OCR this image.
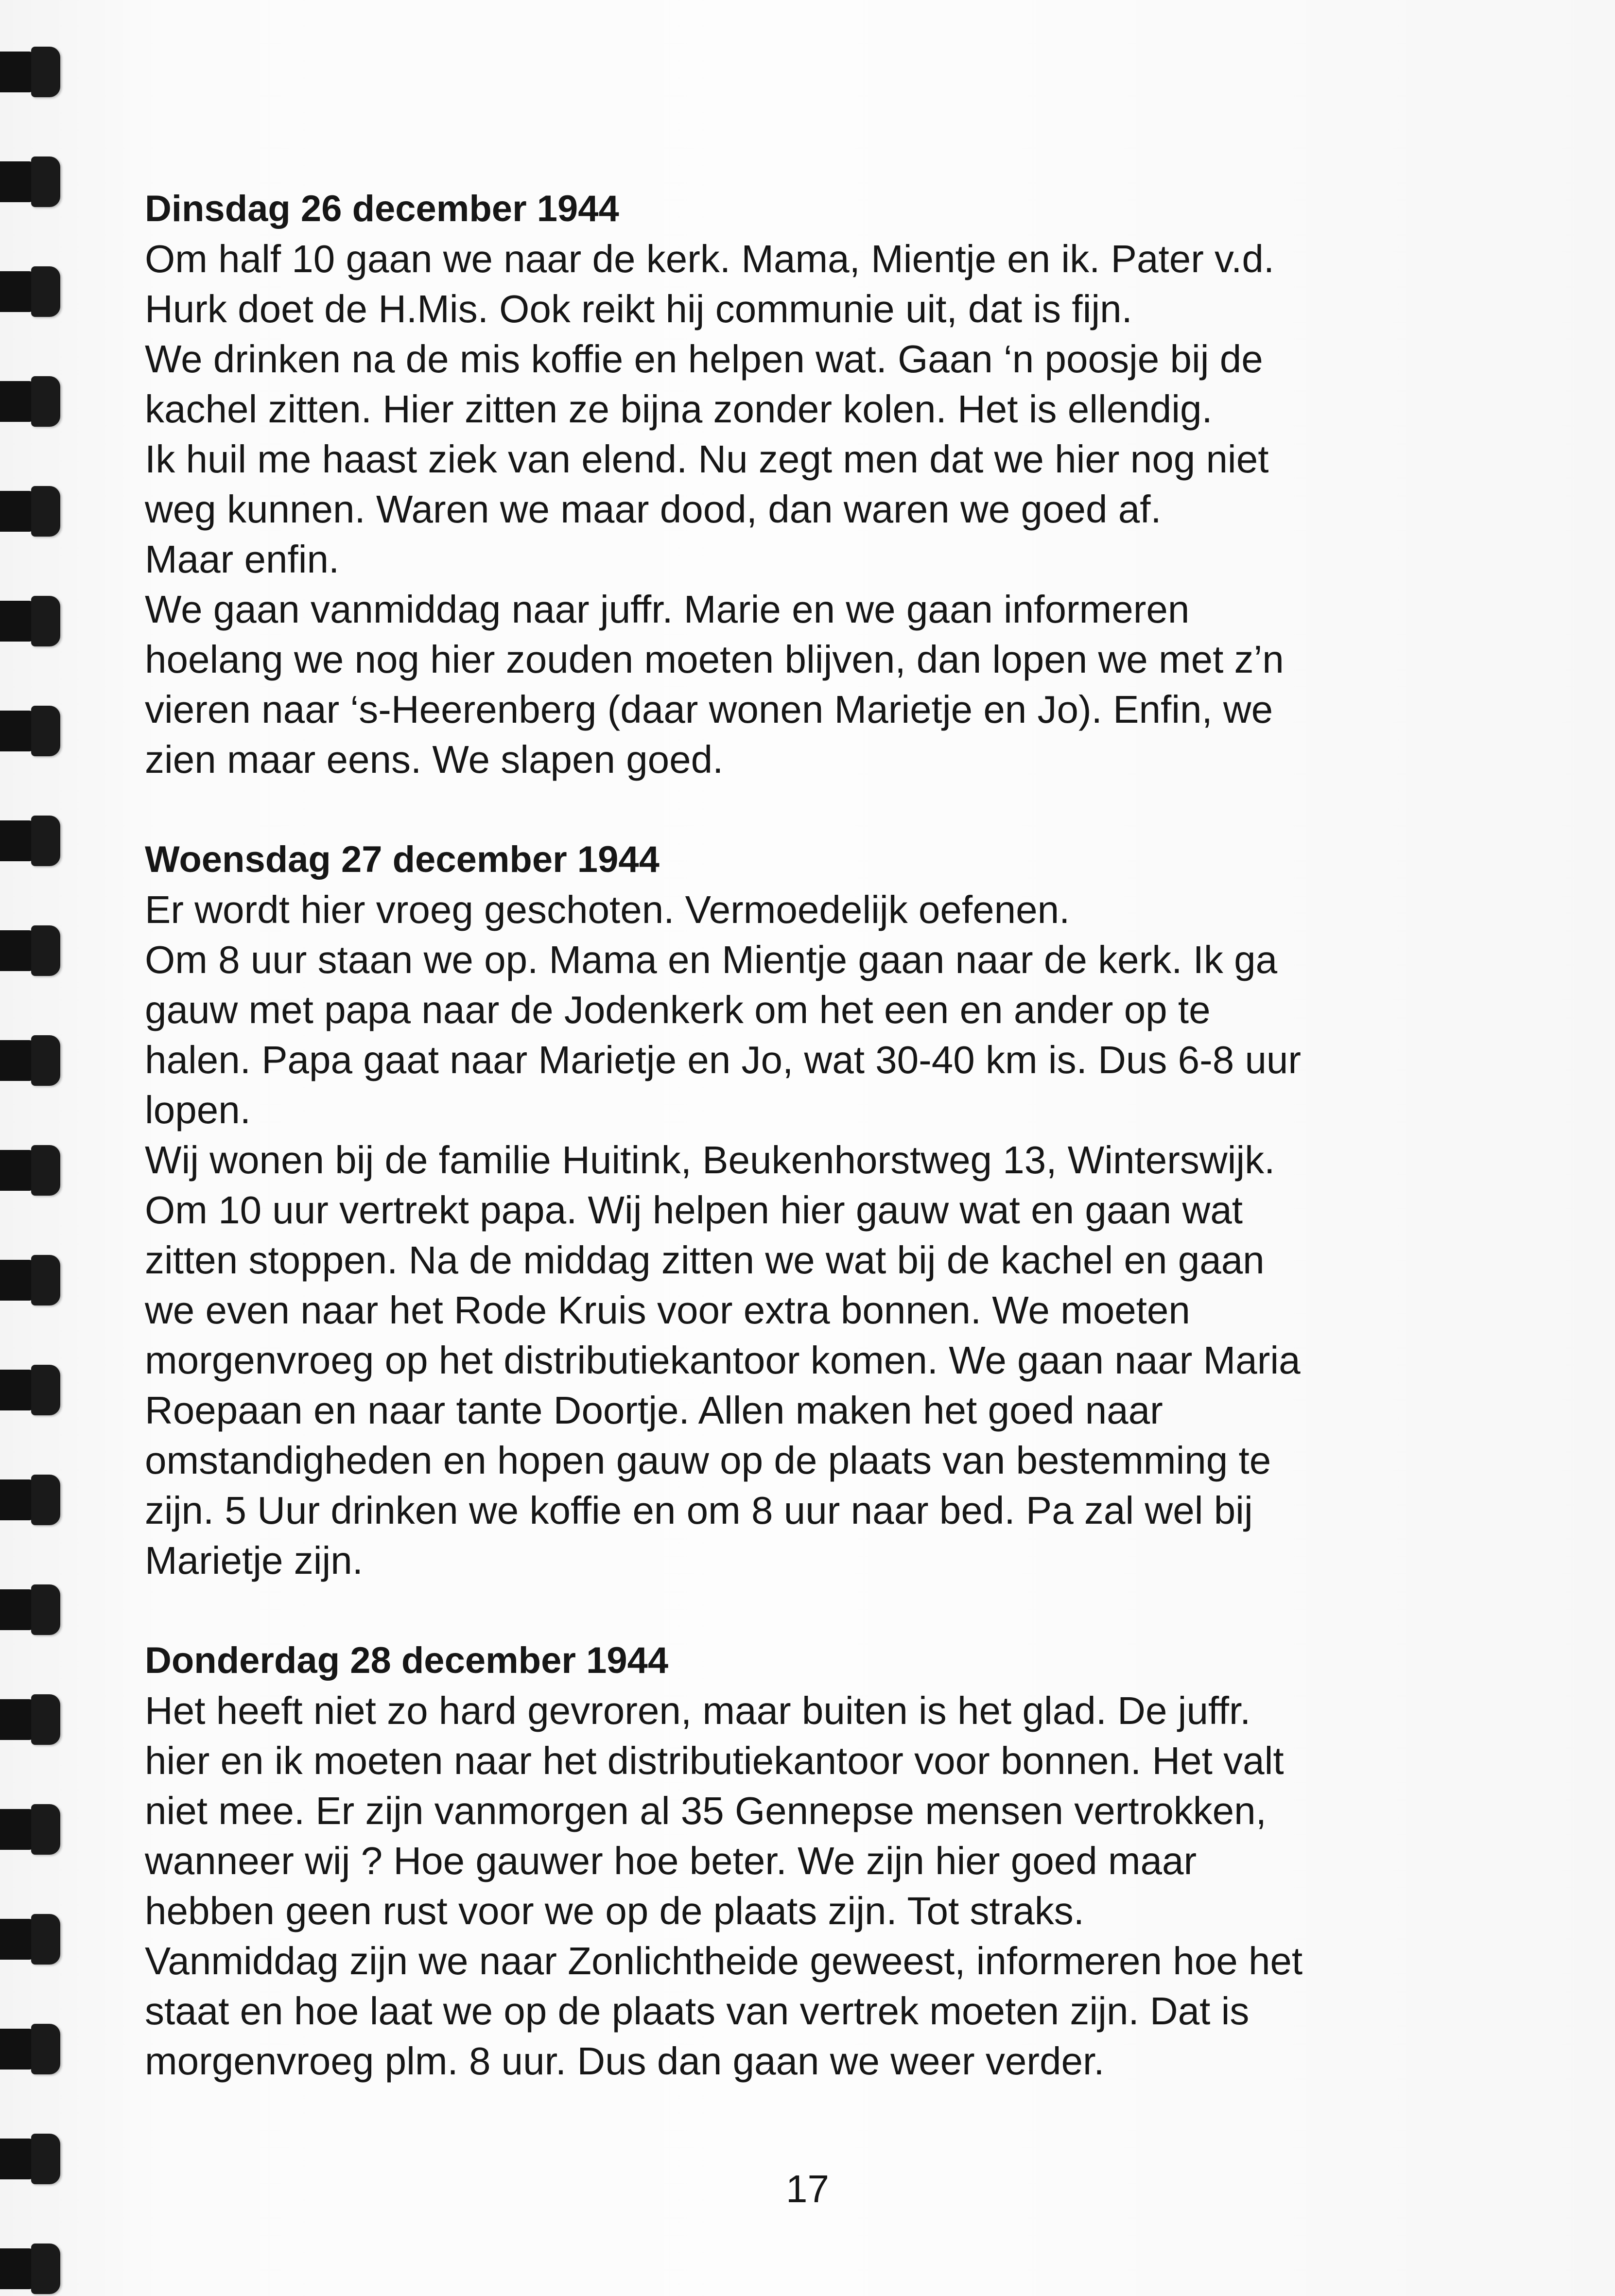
Dinsdag 26 december 1944

Om half 10 gaan we naar de kerk. Mama, Mientje en ik. Pater v.d.

Hurk doet de H.Mis. Ook reikt hij communie uit, dat is fijn.

We drinken na de mis koffie en helpen wat. Gaan ‘n poosje bij de

kachel zitten. Hier zitten ze bijna zonder kolen. Het is ellendig.

Ik huil me haast ziek van elend. Nu zegt men dat we hier nog niet

weg kunnen. Waren we maar dood, dan waren we goed af.

Maar enfin.

We gaan vanmiddag naar juffr. Marie en we gaan informeren

hoelang we nog hier zouden moeten blijven, dan lopen we met z’n

vieren naar ‘s-Heerenberg (daar wonen Marietje en Jo). Enfin, we

zien maar eens. We slapen goed.

Woensdag 27 december 1944

Er wordt hier vroeg geschoten. Vermoedelijk oefenen.

Om 8 uur staan we op. Mama en Mientje gaan naar de kerk. Ik ga

gauw met papa naar de Jodenkerk om het een en ander op te

halen. Papa gaat naar Marietje en Jo, wat 30-40 km is. Dus 6-8 uur

lopen.

Wij wonen bij de familie Huitink, Beukenhorstweg 13, Winterswijk.

Om 10 uur vertrekt papa. Wij helpen hier gauw wat en gaan wat

zitten stoppen. Na de middag zitten we wat bij de kachel en gaan

we even naar het Rode Kruis voor extra bonnen. We moeten

morgenvroeg op het distributiekantoor komen. We gaan naar Maria

Roepaan en naar tante Doortje. Allen maken het goed naar

omstandigheden en hopen gauw op de plaats van bestemming te

zijn. 5 Uur drinken we koffie en om 8 uur naar bed. Pa zal wel bij

Marietje zijn.

Donderdag 28 december 1944

Het heeft niet zo hard gevroren, maar buiten is het glad. De juffr.

hier en ik moeten naar het distributiekantoor voor bonnen. Het valt

niet mee. Er zijn vanmorgen al 35 Gennepse mensen vertrokken,

wanneer wij ? Hoe gauwer hoe beter. We zijn hier goed maar

hebben geen rust voor we op de plaats zijn. Tot straks.

Vanmiddag zijn we naar Zonlichtheide geweest, informeren hoe het

staat en hoe laat we op de plaats van vertrek moeten zijn. Dat is

morgenvroeg plm. 8 uur. Dus dan gaan we weer verder.

17
